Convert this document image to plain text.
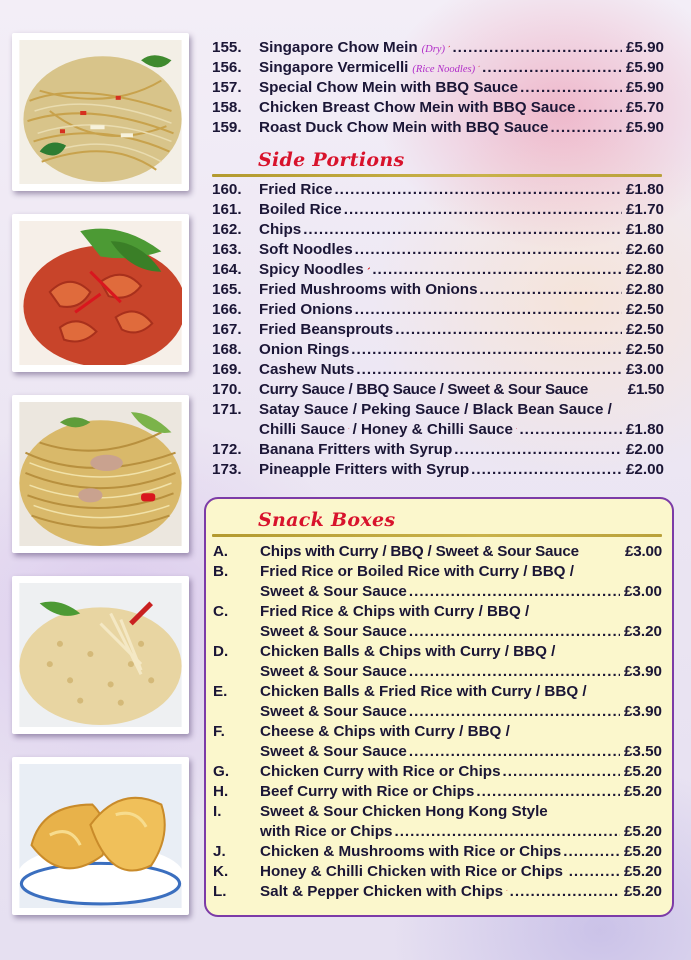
155.	Singapore Chow Mein (Dry) .....	£5.90
156.	Singapore Vermicelli (Rice Noodles) .....	£5.90
157.	Special Chow Mein with BBQ Sauce .....	£5.90
158.	Chicken Breast Chow Mein with BBQ Sauce .....	£5.70
159.	Roast Duck Chow Mein with BBQ Sauce .....	£5.90
Side Portions
160.	Fried Rice .....	£1.80
161.	Boiled Rice .....	£1.70
162.	Chips .....	£1.80
163.	Soft Noodles .....	£2.60
164.	Spicy Noodles .....	£2.80
165.	Fried Mushrooms with Onions .....	£2.80
166.	Fried Onions .....	£2.50
167.	Fried Beansprouts .....	£2.50
168.	Onion Rings .....	£2.50
169.	Cashew Nuts .....	£3.00
170.	Curry Sauce / BBQ Sauce / Sweet & Sour Sauce	£1.50
171.	Satay Sauce / Peking Sauce / Black Bean Sauce /
Chilli Sauce / Honey & Chilli Sauce .....	£1.80
172.	Banana Fritters with Syrup .....	£2.00
173.	Pineapple Fritters with Syrup .....	£2.00
Snack Boxes
A.	Chips with Curry / BBQ / Sweet & Sour Sauce	£3.00
B.	Fried Rice or Boiled Rice with Curry / BBQ /
Sweet & Sour Sauce .....	£3.00
C.	Fried Rice & Chips with Curry / BBQ /
Sweet & Sour Sauce .....	£3.20
D.	Chicken Balls & Chips with Curry / BBQ /
Sweet & Sour Sauce .....	£3.90
E.	Chicken Balls & Fried Rice with Curry / BBQ /
Sweet & Sour Sauce .....	£3.90
F.	Cheese & Chips with Curry / BBQ /
Sweet & Sour Sauce .....	£3.50
G.	Chicken Curry with Rice or Chips .....	£5.20
H.	Beef Curry with Rice or Chips .....	£5.20
I.	Sweet & Sour Chicken Hong Kong Style
with Rice or Chips .....	£5.20
J.	Chicken & Mushrooms with Rice or Chips .....	£5.20
K.	Honey & Chilli Chicken with Rice or Chips .....	£5.20
L.	Salt & Pepper Chicken with Chips .....	£5.20
